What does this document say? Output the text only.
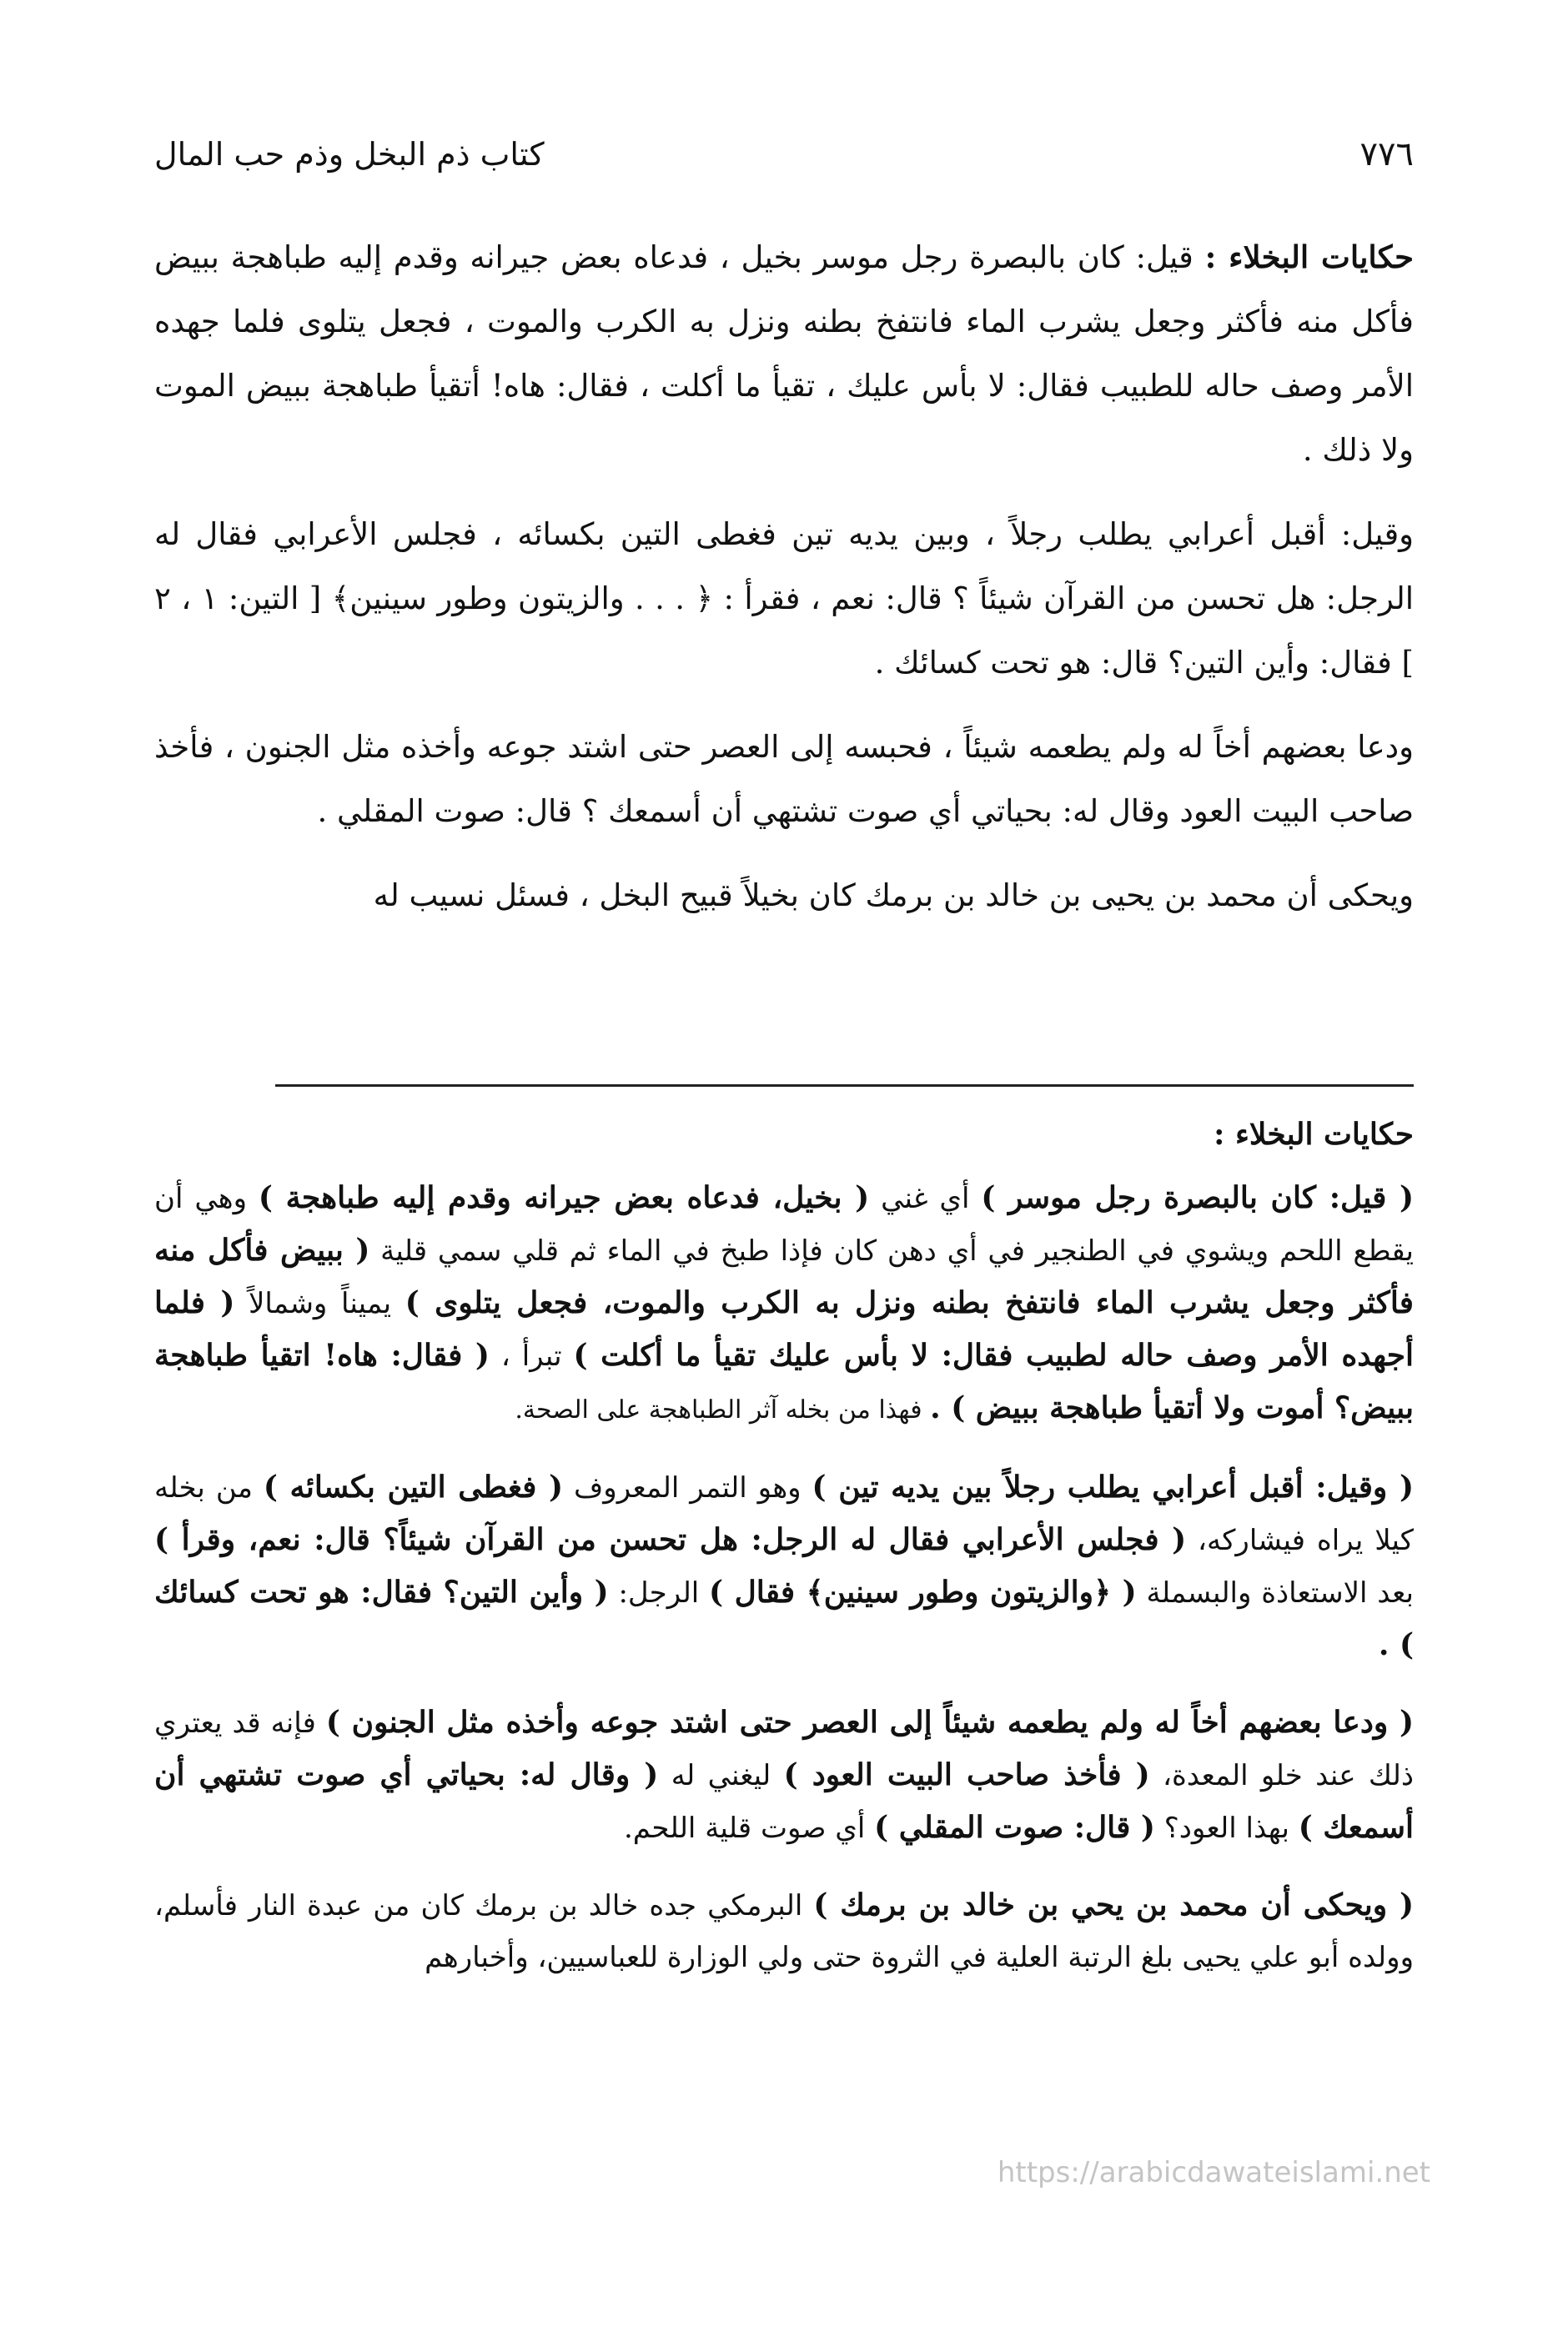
٧٧٦
كتاب ذم البخل وذم حب المال

حكايات البخلاء : قيل: كان بالبصرة رجل موسر بخيل ، فدعاه بعض جيرانه وقدم إليه طباهجة ببيض فأكل منه فأكثر وجعل يشرب الماء فانتفخ بطنه ونزل به الكرب والموت ، فجعل يتلوى فلما جهده الأمر وصف حاله للطبيب فقال: لا بأس عليك ، تقيأ ما أكلت ، فقال: هاه! أتقيأ طباهجة ببيض الموت ولا ذلك .

وقيل: أقبل أعرابي يطلب رجلاً ، وبين يديه تين فغطى التين بكسائه ، فجلس الأعرابي فقال له الرجل: هل تحسن من القرآن شيئاً ؟ قال: نعم ، فقرأ : ﴿ . . . والزيتون وطور سينين﴾ [ التين: ١ ، ٢ ] فقال: وأين التين؟ قال: هو تحت كسائك .

ودعا بعضهم أخاً له ولم يطعمه شيئاً ، فحبسه إلى العصر حتى اشتد جوعه وأخذه مثل الجنون ، فأخذ صاحب البيت العود وقال له: بحياتي أي صوت تشتهي أن أسمعك ؟ قال: صوت المقلي .

ويحكى أن محمد بن يحيى بن خالد بن برمك كان بخيلاً قبيح البخل ، فسئل نسيب له

حكايات البخلاء :

( قيل: كان بالبصرة رجل موسر ) أي غني ( بخيل، فدعاه بعض جيرانه وقدم إليه طباهجة ) وهي أن يقطع اللحم ويشوي في الطنجير في أي دهن كان فإذا طبخ في الماء ثم قلي سمي قلية ( ببيض فأكل منه فأكثر وجعل يشرب الماء فانتفخ بطنه ونزل به الكرب والموت، فجعل يتلوى ) يميناً وشمالاً ( فلما أجهده الأمر وصف حاله لطبيب فقال: لا بأس عليك تقيأ ما أكلت ) تبرأ ، ( فقال: هاه! اتقيأ طباهجة ببيض؟ أموت ولا أتقيأ طباهجة ببيض ) . فهذا من بخله آثر الطباهجة على الصحة.

( وقيل: أقبل أعرابي يطلب رجلاً بين يديه تين ) وهو التمر المعروف ( فغطى التين بكسائه ) من بخله كيلا يراه فيشاركه، ( فجلس الأعرابي فقال له الرجل: هل تحسن من القرآن شيئاً؟ قال: نعم، وقرأ ) بعد الاستعاذة والبسملة ( ﴿والزيتون وطور سينين﴾ فقال ) الرجل: ( وأين التين؟ فقال: هو تحت كسائك ) .

( ودعا بعضهم أخاً له ولم يطعمه شيئاً إلى العصر حتى اشتد جوعه وأخذه مثل الجنون ) فإنه قد يعتري ذلك عند خلو المعدة، ( فأخذ صاحب البيت العود ) ليغني له ( وقال له: بحياتي أي صوت تشتهي أن أسمعك ) بهذا العود؟ ( قال: صوت المقلي ) أي صوت قلية اللحم.

( ويحكى أن محمد بن يحي بن خالد بن برمك ) البرمكي جده خالد بن برمك كان من عبدة النار فأسلم، وولده أبو علي يحيى بلغ الرتبة العلية في الثروة حتى ولي الوزارة للعباسيين، وأخبارهم

https://arabicdawateislami.net
